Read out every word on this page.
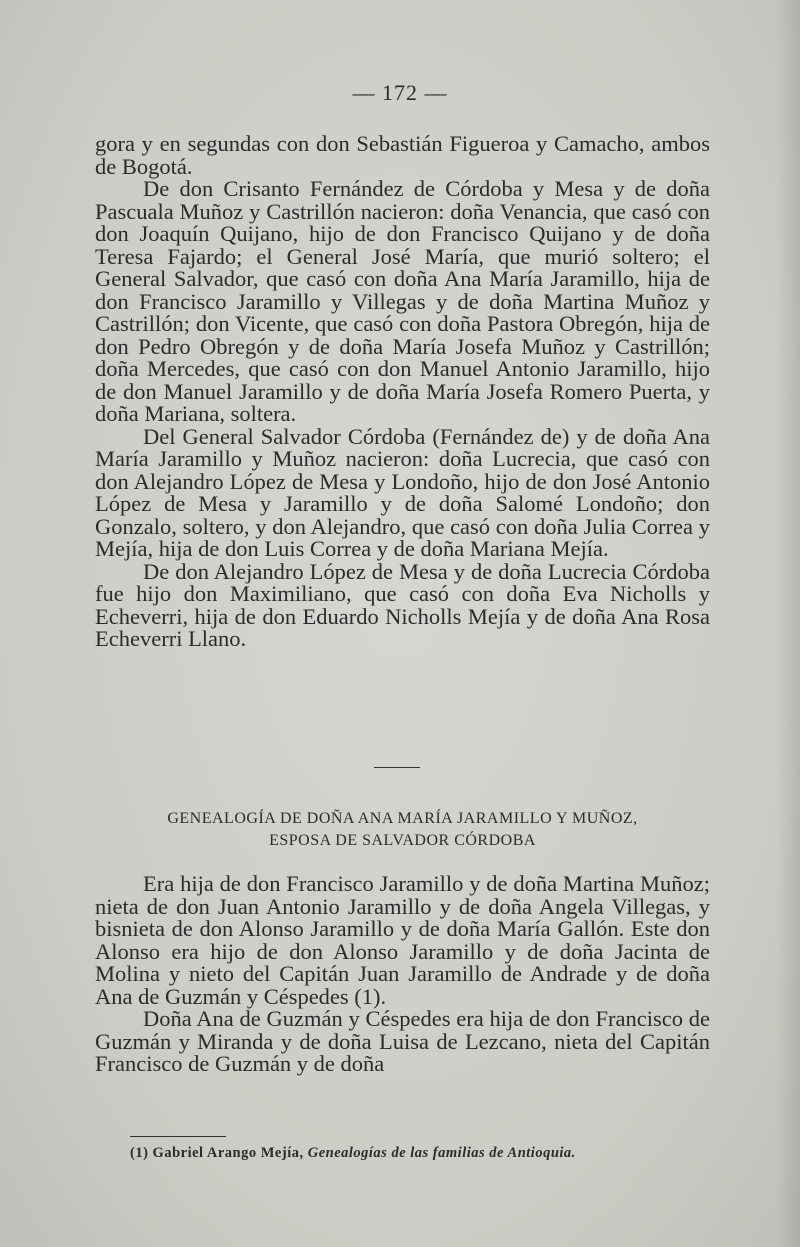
— 172 —

gora y en segundas con don Sebastián Figueroa y Camacho, ambos de Bogotá.

De don Crisanto Fernández de Córdoba y Mesa y de doña Pascuala Muñoz y Castrillón nacieron: doña Venancia, que casó con don Joaquín Quijano, hijo de don Francisco Quijano y de doña Teresa Fajardo; el General José María, que murió soltero; el General Salvador, que casó con doña Ana María Jaramillo, hija de don Francisco Jaramillo y Villegas y de doña Martina Muñoz y Castrillón; don Vicente, que casó con doña Pastora Obregón, hija de don Pedro Obregón y de doña María Josefa Muñoz y Castrillón; doña Mercedes, que casó con don Manuel Antonio Jaramillo, hijo de don Manuel Jaramillo y de doña María Josefa Romero Puerta, y doña Mariana, soltera.

Del General Salvador Córdoba (Fernández de) y de doña Ana María Jaramillo y Muñoz nacieron: doña Lucrecia, que casó con don Alejandro López de Mesa y Londoño, hijo de don José Antonio López de Mesa y Jaramillo y de doña Salomé Londoño; don Gonzalo, soltero, y don Alejandro, que casó con doña Julia Correa y Mejía, hija de don Luis Correa y de doña Mariana Mejía.

De don Alejandro López de Mesa y de doña Lucrecia Córdoba fue hijo don Maximiliano, que casó con doña Eva Nicholls y Echeverri, hija de don Eduardo Nicholls Mejía y de doña Ana Rosa Echeverri Llano.

GENEALOGÍA DE DOÑA ANA MARÍA JARAMILLO Y MUÑOZ,
ESPOSA DE SALVADOR CÓRDOBA

Era hija de don Francisco Jaramillo y de doña Martina Muñoz; nieta de don Juan Antonio Jaramillo y de doña Angela Villegas, y bisnieta de don Alonso Jaramillo y de doña María Gallón. Este don Alonso era hijo de don Alonso Jaramillo y de doña Jacinta de Molina y nieto del Capitán Juan Jaramillo de Andrade y de doña Ana de Guzmán y Céspedes (1).

Doña Ana de Guzmán y Céspedes era hija de don Francisco de Guzmán y Miranda y de doña Luisa de Lezcano, nieta del Capitán Francisco de Guzmán y de doña

(1) Gabriel Arango Mejía, Genealogías de las familias de Antioquia.
